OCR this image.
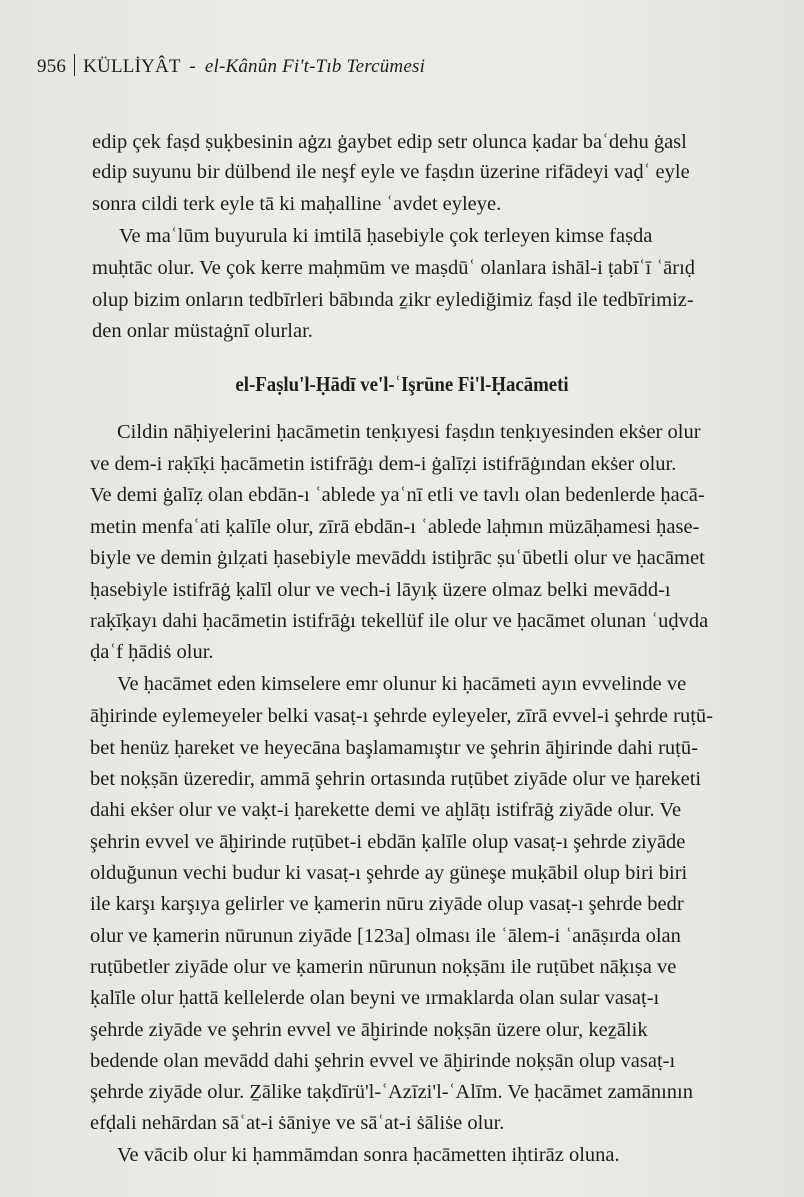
956 KÜLLİYÂT - el-Kânûn Fi't-Tıb Tercümesi
edip çek faṣd ṣuḳbesinin aġzı ġaybet edip setr olunca ḳadar baʿdehu ġasl
edip suyunu bir dülbend ile neşf eyle ve faṣdın üzerine rifādeyi vaḍʿ eyle
sonra cildi terk eyle tā ki maḥalline ʿavdet eyleye.
Ve maʿlūm buyurula ki imtilā ḥasebiyle çok terleyen kimse faṣda
muḥtāc olur. Ve çok kerre maḥmūm ve maṣdūʿ olanlara ishāl-i ṭabīʿī ʿārıḍ
olup bizim onların tedbīrleri bābında ẕikr eylediğimiz faṣd ile tedbīrimiz-
den onlar müstaġnī olurlar.
el-Faṣlu'l-Ḥādī ve'l-ʿIşrūne Fi'l-Ḥacāmeti
Cildin nāḥiyelerini ḥacāmetin tenḳıyesi faṣdın tenḳıyesinden ekṡer olur
ve dem-i raḳīḳi ḥacāmetin istifrāġı dem-i ġalīẓi istifrāġından ekṡer olur.
Ve demi ġalīẓ olan ebdān-ı ʿablede yaʿnī etli ve tavlı olan bedenlerde ḥacā-
metin menfaʿati ḳalīle olur, zīrā ebdān-ı ʿablede laḥmın müzāḥamesi ḥase-
biyle ve demin ġılẓati ḥasebiyle mevāddı istiḫrāc ṣuʿūbetli olur ve ḥacāmet
ḥasebiyle istifrāġ ḳalīl olur ve vech-i lāyıḳ üzere olmaz belki mevādd-ı
raḳīḳayı dahi ḥacāmetin istifrāġı tekellüf ile olur ve ḥacāmet olunan ʿuḍvda
ḍaʿf ḥādiṡ olur.
Ve ḥacāmet eden kimselere emr olunur ki ḥacāmeti ayın evvelinde ve
āḫirinde eylemeyeler belki vasaṭ-ı şehrde eyleyeler, zīrā evvel-i şehrde ruṭū-
bet henüz ḥareket ve heyecāna başlamamıştır ve şehrin āḫirinde dahi ruṭū-
bet noḳṣān üzeredir, ammā şehrin ortasında ruṭūbet ziyāde olur ve ḥareketi
dahi ekṡer olur ve vaḳt-i ḥarekette demi ve aḫlāṭı istifrāġ ziyāde olur. Ve
şehrin evvel ve āḫirinde ruṭūbet-i ebdān ḳalīle olup vasaṭ-ı şehrde ziyāde
olduğunun vechi budur ki vasaṭ-ı şehrde ay güneşe muḳābil olup biri biri
ile karşı karşıya gelirler ve ḳamerin nūru ziyāde olup vasaṭ-ı şehrde bedr
olur ve ḳamerin nūrunun ziyāde [123a] olması ile ʿālem-i ʿanāṣırda olan
ruṭūbetler ziyāde olur ve ḳamerin nūrunun noḳṣānı ile ruṭūbet nāḳıṣa ve
ḳalīle olur ḥattā kellelerde olan beyni ve ırmaklarda olan sular vasaṭ-ı
şehrde ziyāde ve şehrin evvel ve āḫirinde noḳṣān üzere olur, keẕālik
bedende olan mevādd dahi şehrin evvel ve āḫirinde noḳṣān olup vasaṭ-ı
şehrde ziyāde olur. Ẕālike taḳdīrü'l-ʿAzīzi'l-ʿAlīm. Ve ḥacāmet zamānının
efḍali nehārdan sāʿat-i ṡāniye ve sāʿat-i ṡāliṡe olur.
Ve vācib olur ki ḥammāmdan sonra ḥacāmetten iḥtirāz oluna.
